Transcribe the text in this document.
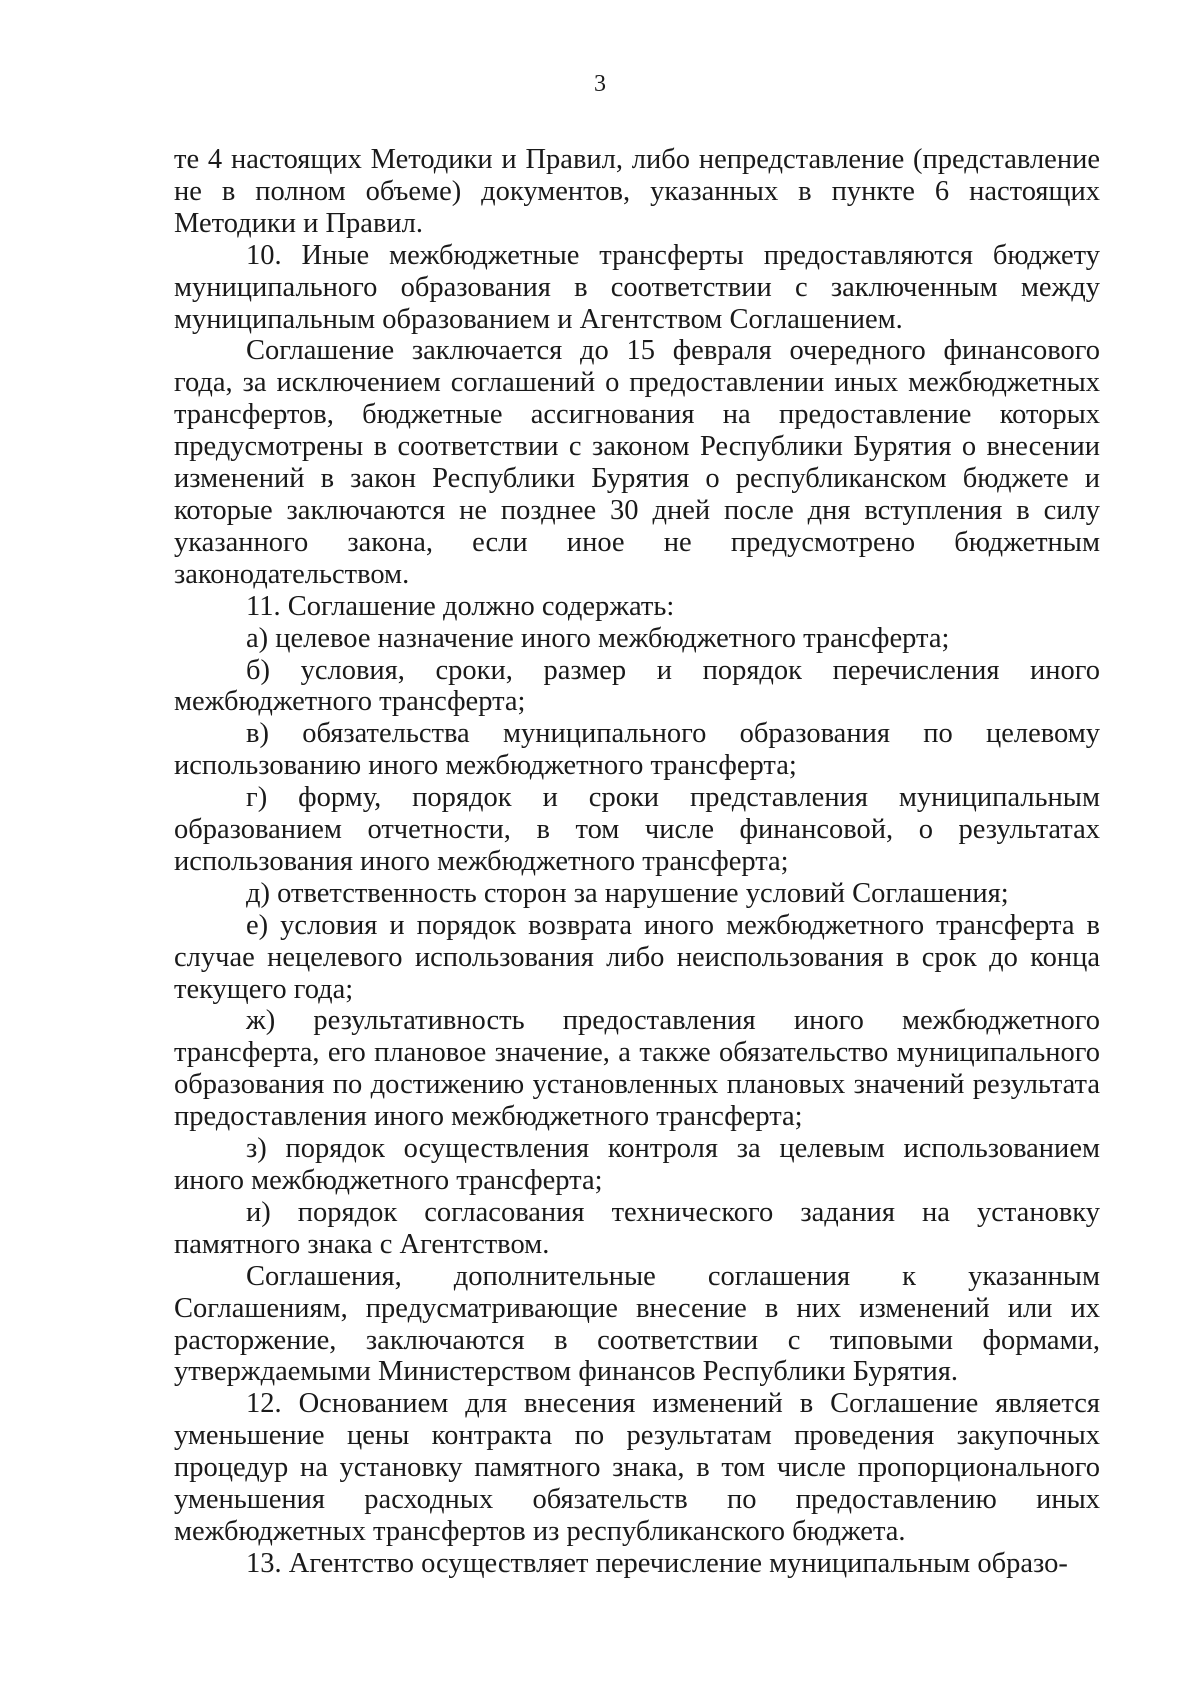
3

те 4 настоящих Методики и Правил, либо непредставление (представление не в полном объеме) документов, указанных в пункте 6 настоящих Методики и Правил.

10. Иные межбюджетные трансферты предоставляются бюджету муниципального образования в соответствии с заключенным между муниципальным образованием и Агентством Соглашением.

Соглашение заключается до 15 февраля очередного финансового года, за исключением соглашений о предоставлении иных межбюджетных трансфертов, бюджетные ассигнования на предоставление которых предусмотрены в соответствии с законом Республики Бурятия о внесении изменений в закон Республики Бурятия о республиканском бюджете и которые заключаются не позднее 30 дней после дня вступления в силу указанного закона, если иное не предусмотрено бюджетным законодательством.

11. Соглашение должно содержать:

а) целевое назначение иного межбюджетного трансферта;

б) условия, сроки, размер и порядок перечисления иного межбюджетного трансферта;

в) обязательства муниципального образования по целевому использованию иного межбюджетного трансферта;

г) форму, порядок и сроки представления муниципальным образованием отчетности, в том числе финансовой, о результатах использования иного межбюджетного трансферта;

д) ответственность сторон за нарушение условий Соглашения;

е) условия и порядок возврата иного межбюджетного трансферта в случае нецелевого использования либо неиспользования в срок до конца текущего года;

ж) результативность предоставления иного межбюджетного трансферта, его плановое значение, а также обязательство муниципального образования по достижению установленных плановых значений результата предоставления иного межбюджетного трансферта;

з) порядок осуществления контроля за целевым использованием иного межбюджетного трансферта;

и) порядок согласования технического задания на установку памятного знака с Агентством.

Соглашения, дополнительные соглашения к указанным Соглашениям, предусматривающие внесение в них изменений или их расторжение, заключаются в соответствии с типовыми формами, утверждаемыми Министерством финансов Республики Бурятия.

12. Основанием для внесения изменений в Соглашение является уменьшение цены контракта по результатам проведения закупочных процедур на установку памятного знака, в том числе пропорционального уменьшения расходных обязательств по предоставлению иных межбюджетных трансфертов из республиканского бюджета.

13. Агентство осуществляет перечисление муниципальным образо-
